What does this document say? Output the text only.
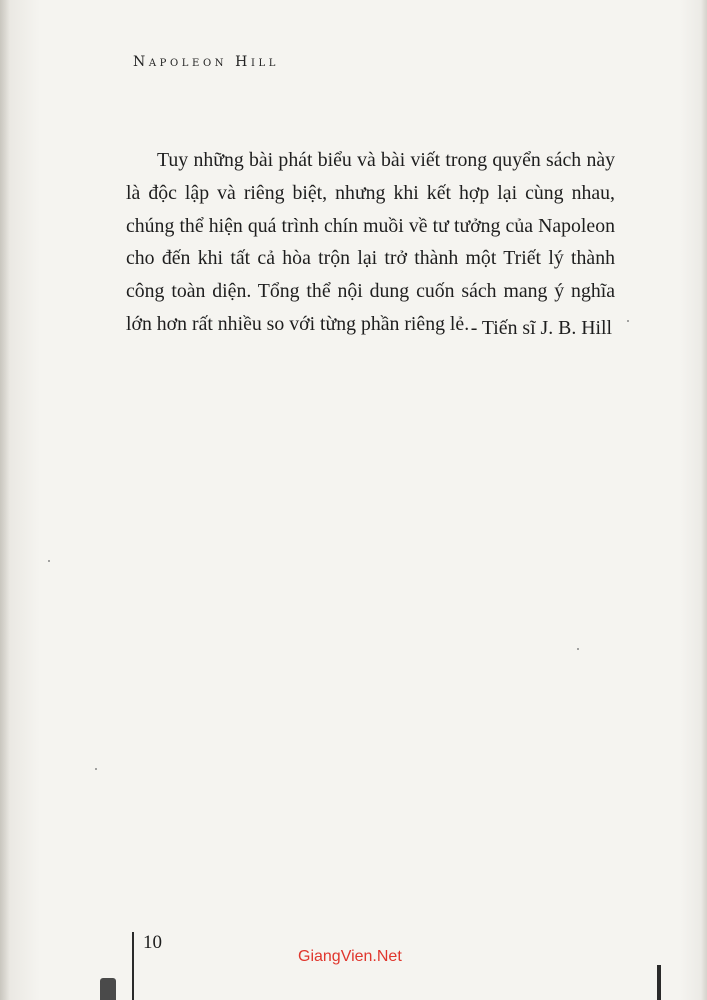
Napoleon Hill

Tuy những bài phát biểu và bài viết trong quyển sách này là độc lập và riêng biệt, nhưng khi kết hợp lại cùng nhau, chúng thể hiện quá trình chín muồi về tư tưởng của Napoleon cho đến khi tất cả hòa trộn lại trở thành một Triết lý thành công toàn diện. Tổng thể nội dung cuốn sách mang ý nghĩa lớn hơn rất nhiều so với từng phần riêng lẻ. - Tiến sĩ J. B. Hill
10
GiangVien.Net
